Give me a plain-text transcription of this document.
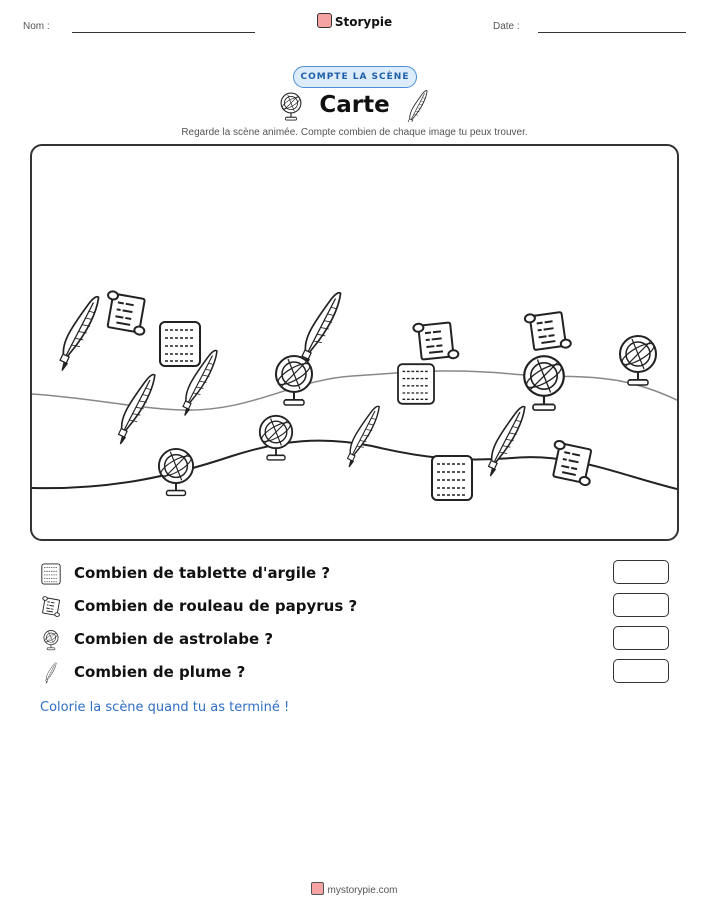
Nom :	Storypie	Date :
COMPTE LA SCÈNE
Carte
Regarde la scène animée. Compte combien de chaque image tu peux trouver.
Combien de tablette d'argile ?
Combien de rouleau de papyrus ?
Combien de astrolabe ?
Combien de plume ?
Colorie la scène quand tu as terminé !
mystorypie.com
